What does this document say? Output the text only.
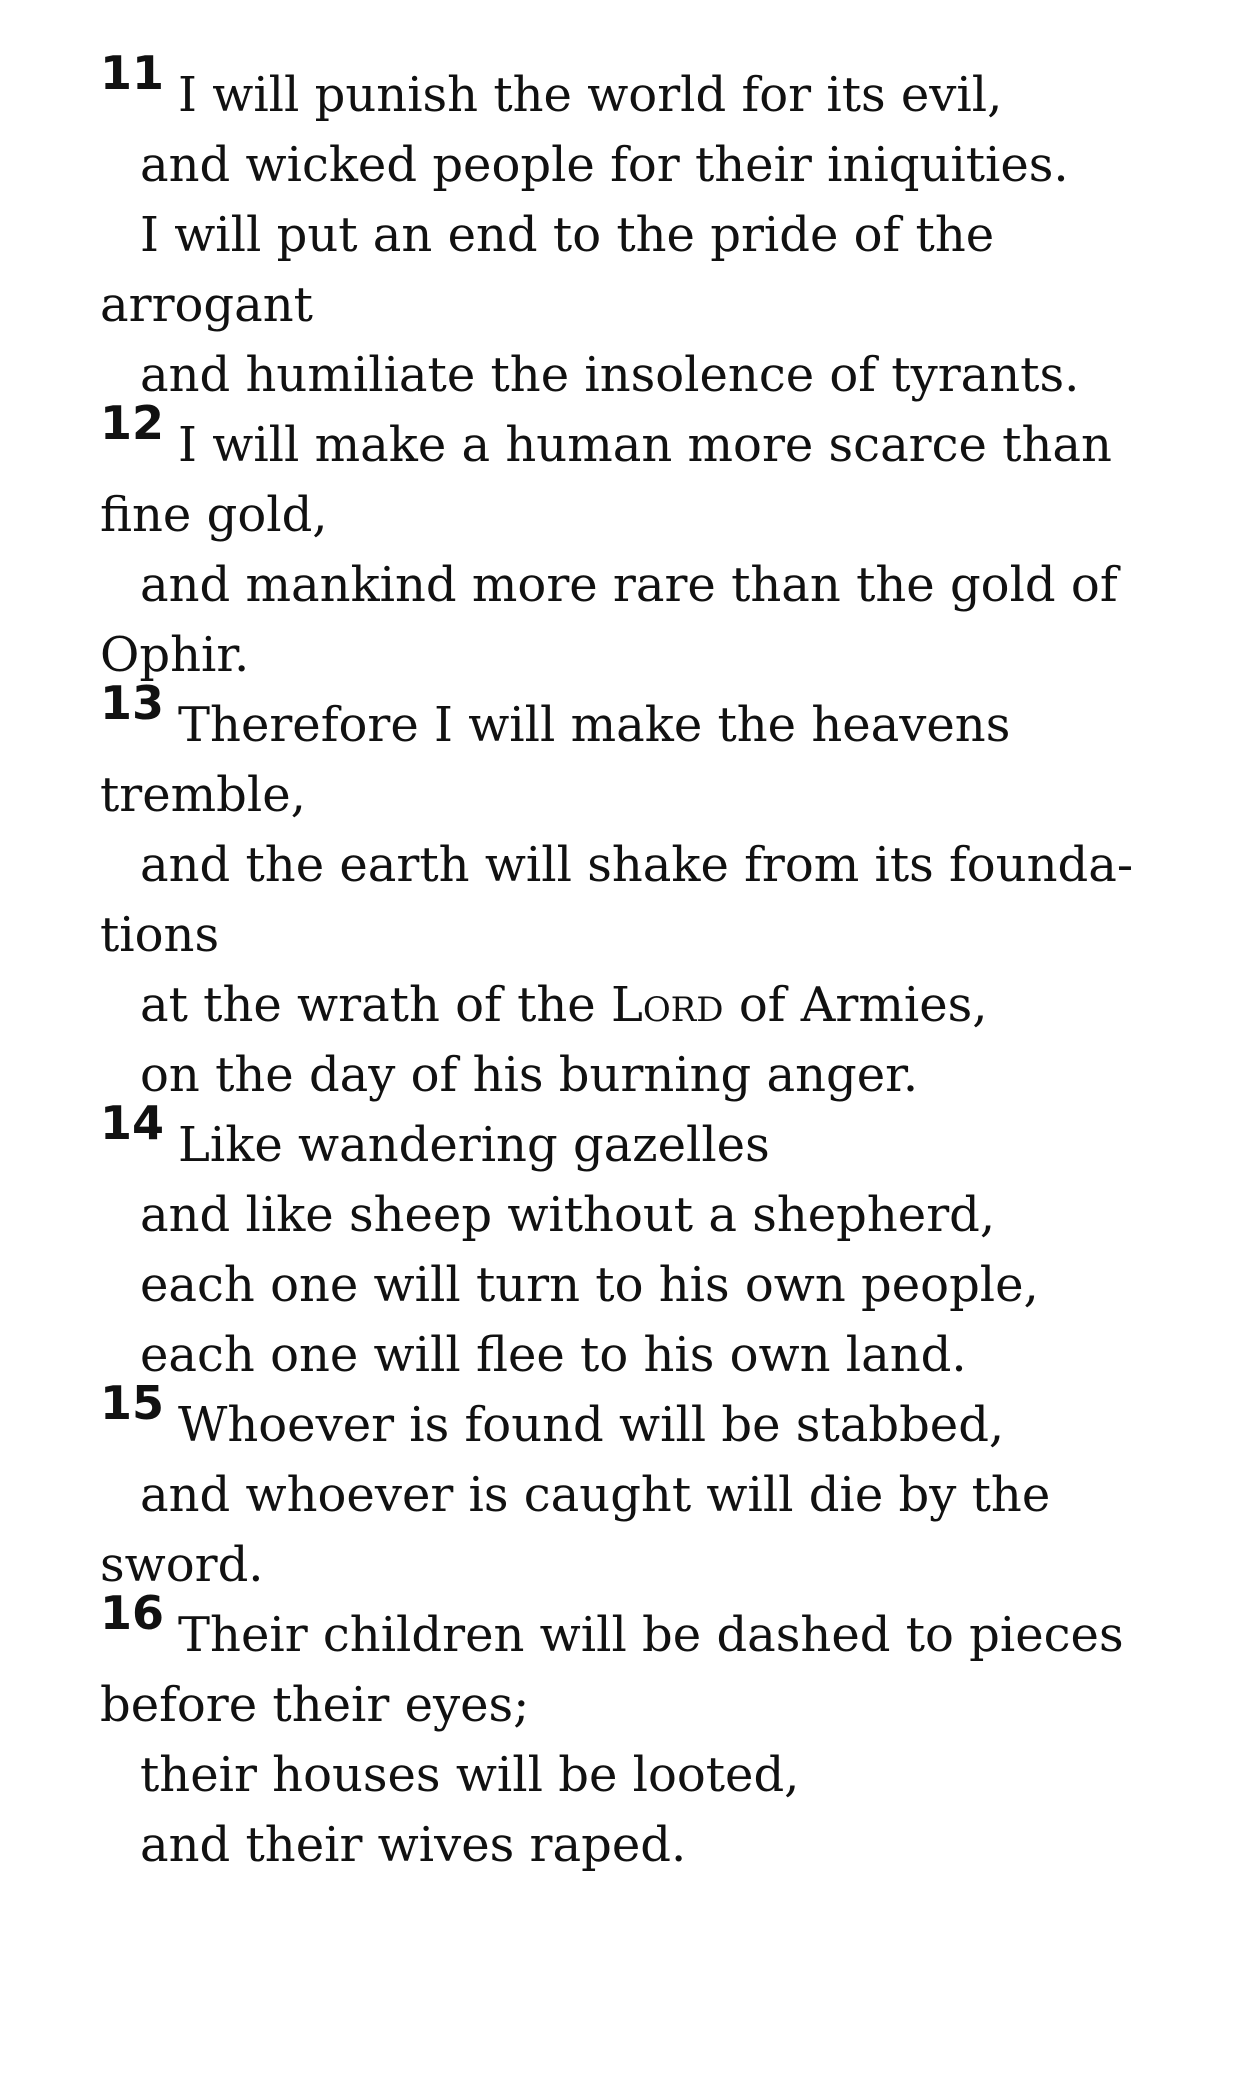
11 I will punish the world for its evil,
and wicked people for their iniquities.
I will put an end to the pride of the
arrogant
and humiliate the insolence of tyrants.
12 I will make a human more scarce than
fine gold,
and mankind more rare than the gold of
Ophir.
13 Therefore I will make the heavens
tremble,
and the earth will shake from its founda-
tions
at the wrath of the Lord of Armies,
on the day of his burning anger.
14 Like wandering gazelles
and like sheep without a shepherd,
each one will turn to his own people,
each one will flee to his own land.
15 Whoever is found will be stabbed,
and whoever is caught will die by the
sword.
16 Their children will be dashed to pieces
before their eyes;
their houses will be looted,
and their wives raped.
